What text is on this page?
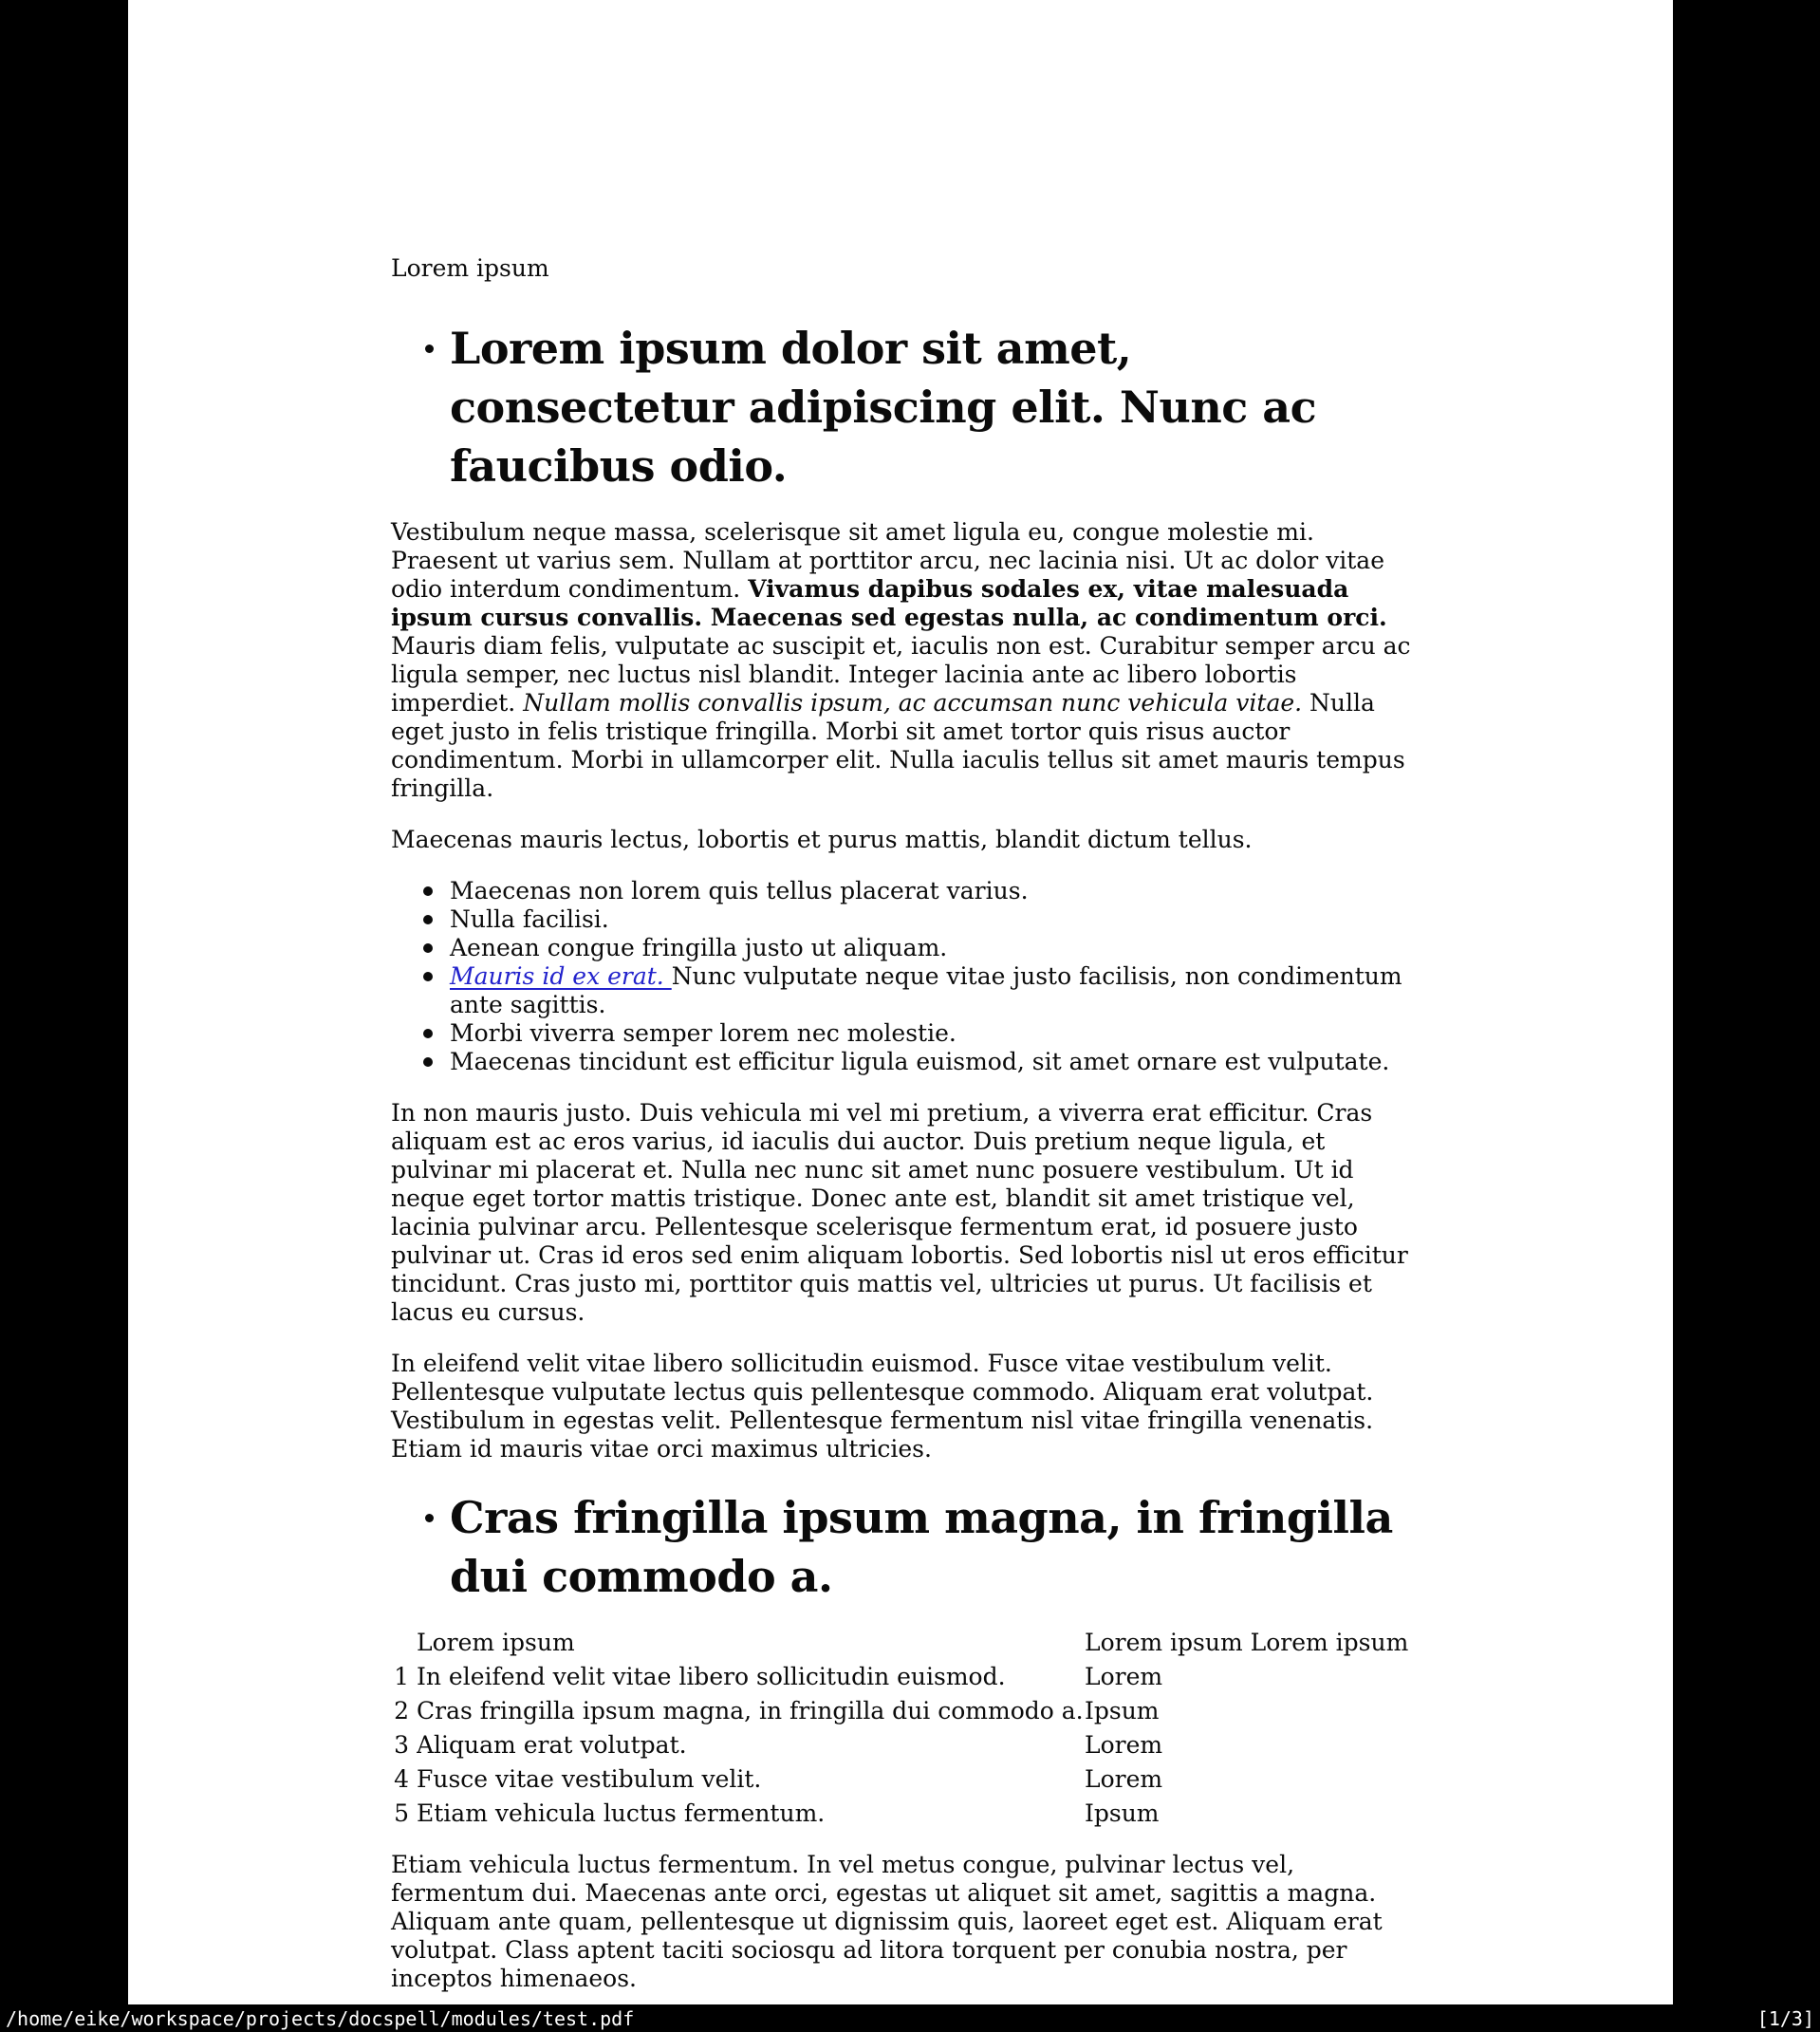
Lorem ipsum
Lorem ipsum dolor sit amet, consectetur adipiscing elit. Nunc ac faucibus odio.

Vestibulum neque massa, scelerisque sit amet ligula eu, congue molestie mi. Praesent ut varius sem. Nullam at porttitor arcu, nec lacinia nisi. Ut ac dolor vitae odio interdum condimentum. Vivamus dapibus sodales ex, vitae malesuada ipsum cursus convallis. Maecenas sed egestas nulla, ac condimentum orci. Mauris diam felis, vulputate ac suscipit et, iaculis non est. Curabitur semper arcu ac ligula semper, nec luctus nisl blandit. Integer lacinia ante ac libero lobortis imperdiet. Nullam mollis convallis ipsum, ac accumsan nunc vehicula vitae. Nulla eget justo in felis tristique fringilla. Morbi sit amet tortor quis risus auctor condimentum. Morbi in ullamcorper elit. Nulla iaculis tellus sit amet mauris tempus fringilla.

Maecenas mauris lectus, lobortis et purus mattis, blandit dictum tellus.

Maecenas non lorem quis tellus placerat varius.
Nulla facilisi.
Aenean congue fringilla justo ut aliquam.
Mauris id ex erat. Nunc vulputate neque vitae justo facilisis, non condimentum ante sagittis.
Morbi viverra semper lorem nec molestie.
Maecenas tincidunt est efficitur ligula euismod, sit amet ornare est vulputate.

In non mauris justo. Duis vehicula mi vel mi pretium, a viverra erat efficitur. Cras aliquam est ac eros varius, id iaculis dui auctor. Duis pretium neque ligula, et pulvinar mi placerat et. Nulla nec nunc sit amet nunc posuere vestibulum. Ut id neque eget tortor mattis tristique. Donec ante est, blandit sit amet tristique vel, lacinia pulvinar arcu. Pellentesque scelerisque fermentum erat, id posuere justo pulvinar ut. Cras id eros sed enim aliquam lobortis. Sed lobortis nisl ut eros efficitur tincidunt. Cras justo mi, porttitor quis mattis vel, ultricies ut purus. Ut facilisis et lacus eu cursus.

In eleifend velit vitae libero sollicitudin euismod. Fusce vitae vestibulum velit. Pellentesque vulputate lectus quis pellentesque commodo. Aliquam erat volutpat. Vestibulum in egestas velit. Pellentesque fermentum nisl vitae fringilla venenatis. Etiam id mauris vitae orci maximus ultricies.

Cras fringilla ipsum magna, in fringilla dui commodo a.
Lorem ipsum	Lorem ipsum Lorem ipsum
1 In eleifend velit vitae libero sollicitudin euismod.	Lorem
2 Cras fringilla ipsum magna, in fringilla dui commodo a. Ipsum
3 Aliquam erat volutpat.	Lorem
4 Fusce vitae vestibulum velit.	Lorem
5 Etiam vehicula luctus fermentum.	Ipsum

Etiam vehicula luctus fermentum. In vel metus congue, pulvinar lectus vel, fermentum dui. Maecenas ante orci, egestas ut aliquet sit amet, sagittis a magna. Aliquam ante quam, pellentesque ut dignissim quis, laoreet eget est. Aliquam erat volutpat. Class aptent taciti sociosqu ad litora torquent per conubia nostra, per inceptos himenaeos.

/home/eike/workspace/projects/docspell/modules/test.pdf	[1/3]
